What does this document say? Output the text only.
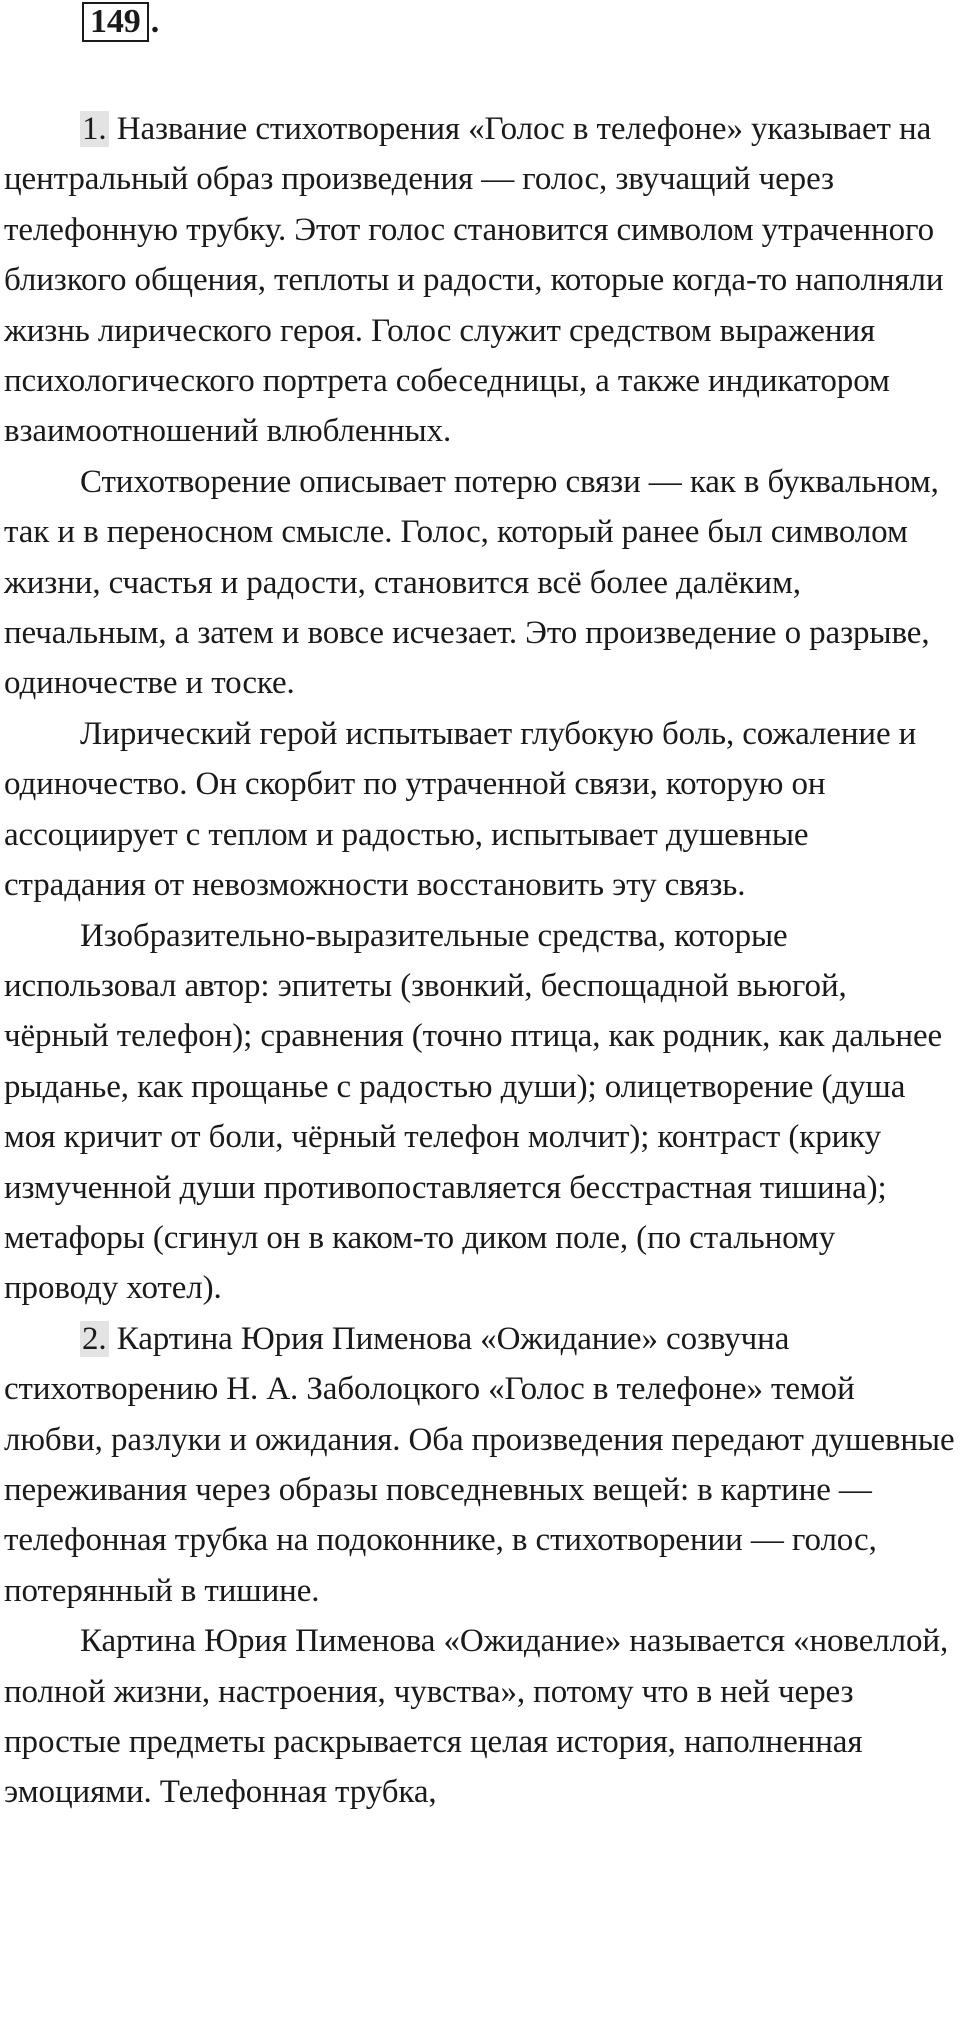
149 .

1. Название стихотворения «Голос в телефоне» указывает на центральный образ произведения — голос, звучащий через телефонную трубку. Этот голос становится символом утраченного близкого общения, теплоты и радости, которые когда-то наполняли жизнь лирического героя. Голос служит средством выражения психологического портрета собеседницы, а также индикатором взаимоотношений влюбленных.

Стихотворение описывает потерю связи — как в буквальном, так и в переносном смысле. Голос, который ранее был символом жизни, счастья и радости, становится всё более далёким, печальным, а затем и вовсе исчезает. Это произведение о разрыве, одиночестве и тоске.

Лирический герой испытывает глубокую боль, сожаление и одиночество. Он скорбит по утраченной связи, которую он ассоциирует с теплом и радостью, испытывает душевные страдания от невозможности восстановить эту связь.

Изобразительно-выразительные средства, которые использовал автор: эпитеты (звонкий, беспощадной вьюгой, чёрный телефон); сравнения (точно птица, как родник, как дальнее рыданье, как прощанье с радостью души); олицетворение (душа моя кричит от боли, чёрный телефон молчит); контраст (крику измученной души противопоставляется бесстрастная тишина); метафоры (сгинул он в каком-то диком поле, (по стальному проводу хотел).

2. Картина Юрия Пименова «Ожидание» созвучна стихотворению Н. А. Заболоцкого «Голос в телефоне» темой любви, разлуки и ожидания. Оба произведения передают душевные переживания через образы повседневных вещей: в картине — телефонная трубка на подоконнике, в стихотворении — голос, потерянный в тишине.

Картина Юрия Пименова «Ожидание» называется «новеллой, полной жизни, настроения, чувства», потому что в ней через простые предметы раскрывается целая история, наполненная эмоциями. Телефонная трубка,
